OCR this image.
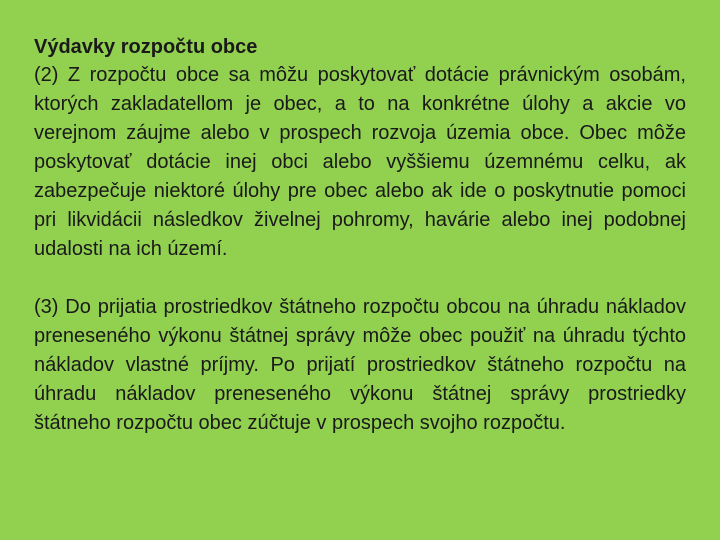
Výdavky rozpočtu obce

(2) Z rozpočtu obce sa môžu poskytovať dotácie právnickým osobám, ktorých zakladatellom je obec, a to na konkrétne úlohy a akcie vo verejnom záujme alebo v prospech rozvoja územia obce. Obec môže poskytovať dotácie inej obci alebo vyššiemu územnému celku, ak zabezpečuje niektoré úlohy pre obec alebo ak ide o poskytnutie pomoci pri likvidácii následkov živelnej pohromy, havárie alebo inej podobnej udalosti na ich území.

(3) Do prijatia prostriedkov štátneho rozpočtu obcou na úhradu nákladov preneseného výkonu štátnej správy môže obec použiť na úhradu týchto nákladov vlastné príjmy. Po prijatí prostriedkov štátneho rozpočtu na úhradu nákladov preneseného výkonu štátnej správy prostriedky štátneho rozpočtu obec zúčtuje v prospech svojho rozpočtu.
